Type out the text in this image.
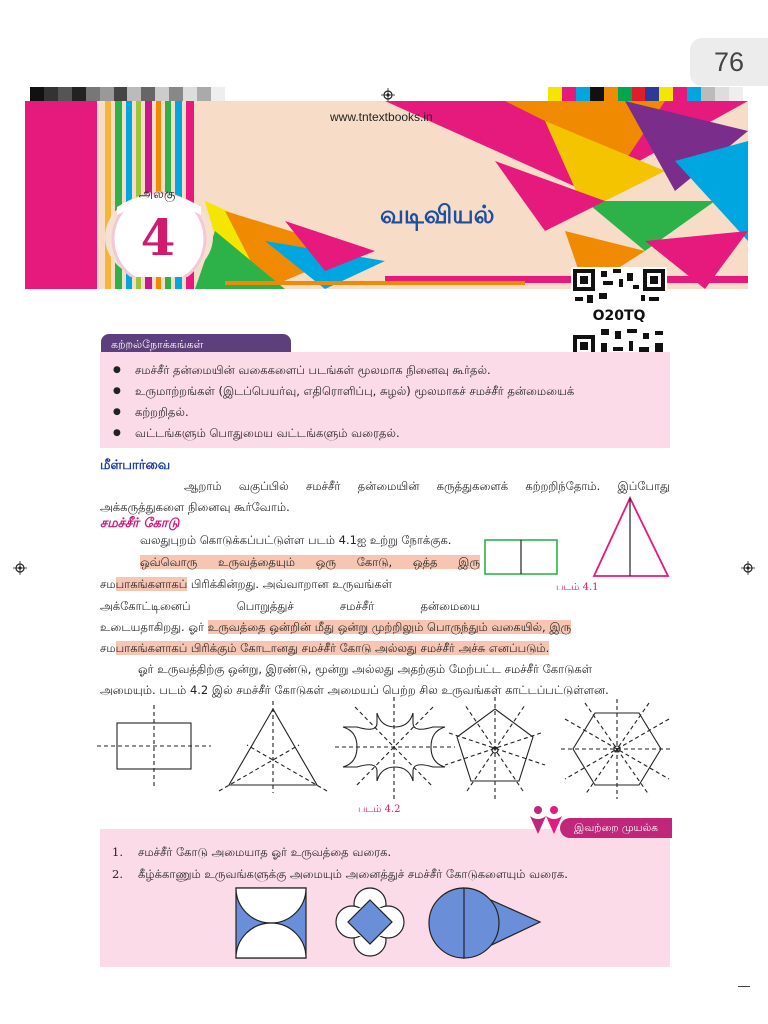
76
www.tntextbooks.in
அலகு
4	வடிவியல்
O20TQ
கற்றல்நோக்கங்கள்
● சமச்சீர் தன்மையின் வகைகளைப் படங்கள் மூலமாக நினைவு கூர்தல்.
● உருமாற்றங்கள் (இடப்பெயர்வு, எதிரொளிப்பு, சுழல்) மூலமாகச் சமச்சீர் தன்மையைக்
● கற்றறிதல்.
● வட்டங்களும் பொதுமைய வட்டங்களும் வரைதல்.
மீள்பார்வை
ஆறாம் வகுப்பில் சமச்சீர் தன்மையின் கருத்துகளைக் கற்றறிந்தோம். இப்போது
அக்கருத்துகளை நினைவு கூர்வோம்.
சமச்சீர் கோடு
வலதுபுறம் கொடுக்கப்பட்டுள்ள படம் 4.1ஐ உற்று நோக்குக.
ஒவ்வொரு உருவத்தையும் ஒரு கோடு, ஒத்த இரு
சமபாகங்களாகப் பிரிக்கின்றது. அவ்வாறான உருவங்கள்
அக்கோட்டினைப் பொறுத்துச் சமச்சீர் தன்மையை
உடையதாகிறது. ஓர் உருவத்தை ஒன்றின் மீது ஒன்று முற்றிலும் பொருந்தும் வகையில், இரு
சமபாகங்களாகப் பிரிக்கும் கோடானது சமச்சீர் கோடு அல்லது சமச்சீர் அச்சு எனப்படும்.
ஓர் உருவத்திற்கு ஒன்று, இரண்டு, மூன்று அல்லது அதற்கும் மேற்பட்ட சமச்சீர் கோடுகள்
அமையும். படம் 4.2 இல் சமச்சீர் கோடுகள் அமையப் பெற்ற சில உருவங்கள் காட்டப்பட்டுள்ளன.
படம் 4.1
படம் 4.2
இவற்றை முயல்க
1. சமச்சீர் கோடு அமையாத ஓர் உருவத்தை வரைக.
2. கீழ்க்காணும் உருவங்களுக்கு அமையும் அனைத்துச் சமச்சீர் கோடுகளையும் வரைக.
